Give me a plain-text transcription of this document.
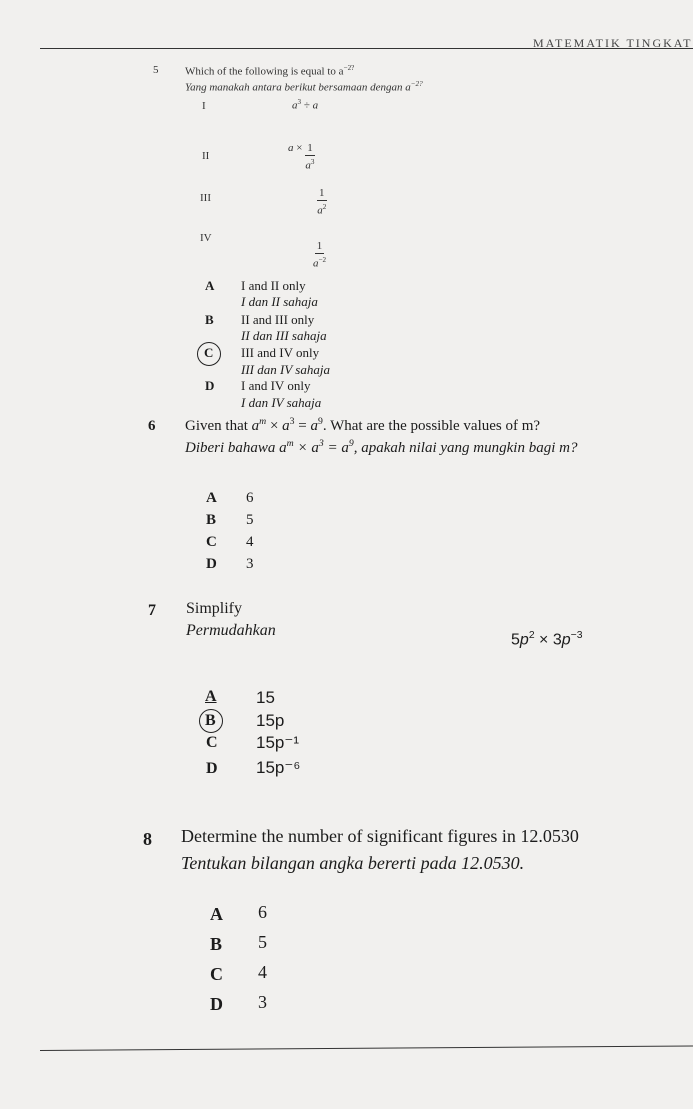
MATEMATIK TINGKAT
5 Which of the following is equal to $a^{-2?}$
Yang manakah antara berikut bersamaan dengan $a^{-2?}$
I	$a^3 \div a$
II
$a \times \frac{1}{a^3}$
III	$\frac{1}{a^2}$
IV
$\frac{1}{a^{-2}}$
A I and II only
I dan II sahaja
B II and III only
II dan III sahaja
C III and IV only
III dan IV sahaja
D I and IV only
I dan IV sahaja
6 Given that $a^m \times a^3 = a^9$. What are the possible values of m?
Diberi bahawa $a^m \times a^3 = a^9$, apakah nilai yang mungkin bagi m?
A 6
B 5
C 4
D 3
7 Simplify
Permudahkan
$5p^2 \times 3p^{-3}$
A 15
B 15p
C 15p⁻¹
D 15p⁻⁶
8 Determine the number of significant figures in 12.0530
Tentukan bilangan angka bererti pada 12.0530.
A 6
B 5
C 4
D 3
